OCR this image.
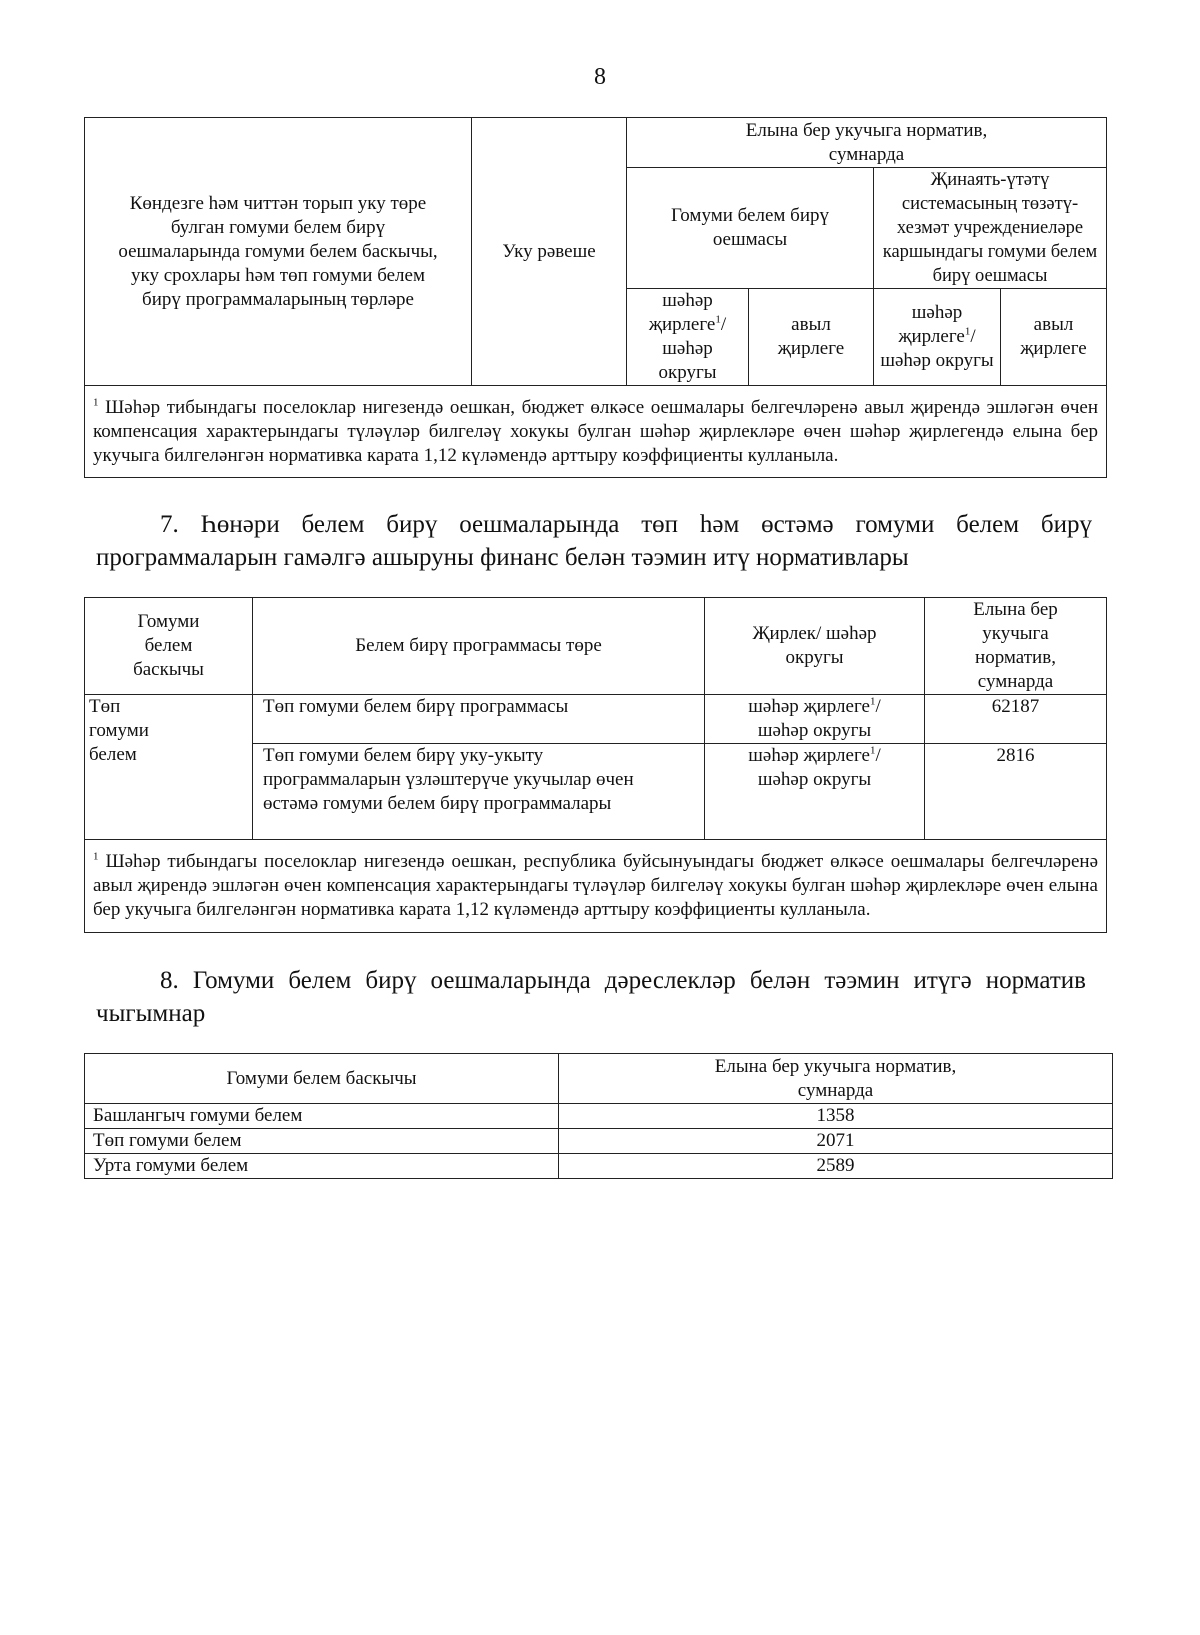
8
Көндезге һәм читтән торып уку төре булган гомуми белем бирү оешмаларында гомуми белем баскычы, уку срохлары һәм төп гомуми белем бирү программаларының төрләре	Уку рәвеше	Елына бер укучыга норматив, сумнарда			
		Гомуми белем бирү оешмасы		Җинаять-үтәтү системасының төзәтү-хезмәт учреждениеләре каршындагы гомуми белем бирү оешмасы	
		шәһәр җирлеге$^1$/ шәһәр округы	авыл җирлеге	шәһәр җирлеге$^1$/ шәһәр округы	авыл җирлеге
$^1$ Шәһәр тибындагы поселоклар нигезендә оешкан, бюджет өлкәсе оешмалары белгечләренә авыл җирендә эшләгән өчен компенсация характерындагы түләүләр билгеләү хокукы булган шәһәр җирлекләре өчен шәһәр җирлегендә елына бер укучыга билгеләнгән нормативка карата 1,12 күләмендә арттыру коэффициенты кулланыла.					
7. Һөнәри белем бирү оешмаларында төп һәм өстәмә гомуми белем бирү программаларын гамәлгә ашыруны финанс белән тәэмин итү нормативлары
Гомуми белем баскычы	Белем бирү программасы төре	Җирлек/ шәһәр округы	Елына бер укучыга норматив, сумнарда
Төп гомуми белем	Төп гомуми белем бирү программасы	шәһәр җирлеге$^1$/ шәһәр округы	62187
	Төп гомуми белем бирү уку-укыту программаларын үзләштерүче укучылар өчен өстәмә гомуми белем бирү программалары	шәһәр җирлеге$^1$/ шәһәр округы	2816
$^1$ Шәһәр тибындагы поселоклар нигезендә оешкан, республика буйсынуындагы бюджет өлкәсе оешмалары белгечләренә авыл җирендә эшләгән өчен компенсация характерындагы түләүләр билгеләү хокукы булган шәһәр җирлекләре өчен елына бер укучыга билгеләнгән нормативка карата 1,12 күләмендә арттыру коэффициенты кулланыла.			
8. Гомуми белем бирү оешмаларында дәреслекләр белән тәэмин итүгә норматив чыгымнар
Гомуми белем баскычы	Елына бер укучыга норматив, сумнарда
Башлангыч гомуми белем	1358
Төп гомуми белем	2071
Урта гомуми белем	2589
